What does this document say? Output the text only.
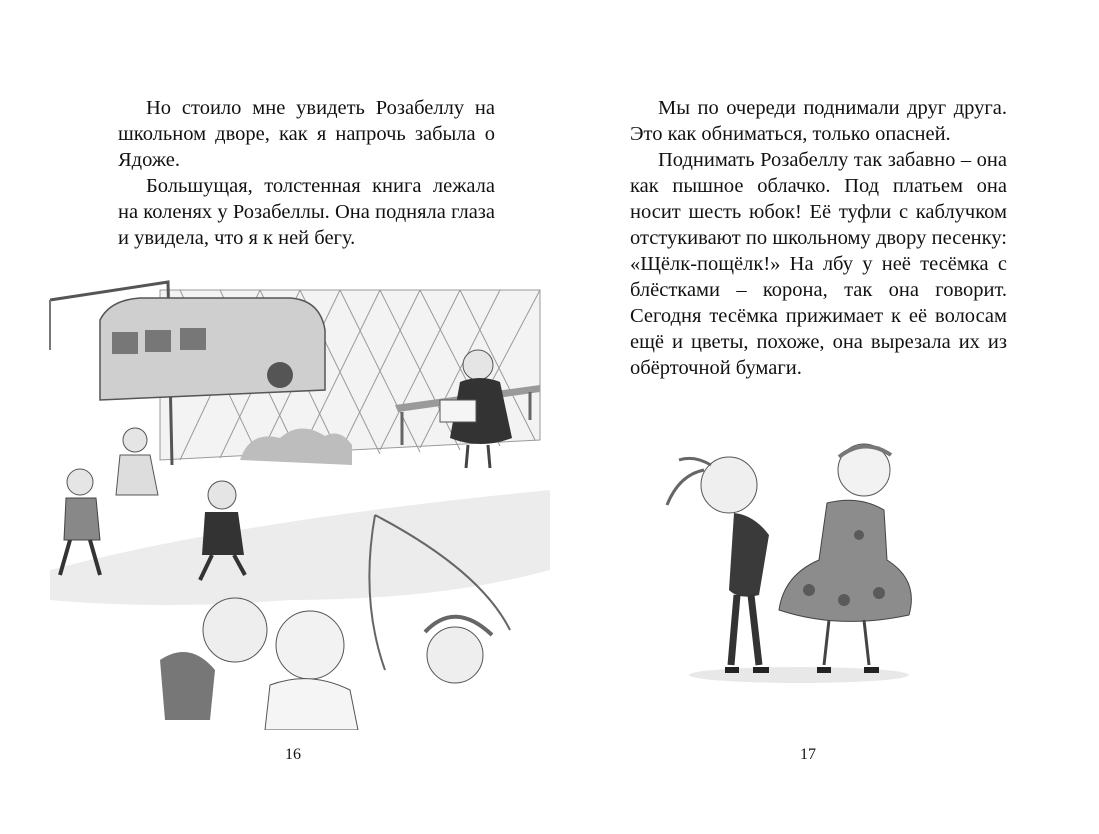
Но стоило мне увидеть Розабеллу на школьном дворе, как я напрочь забыла о Ядоже.

Большущая, толстенная книга лежала на коленях у Розабеллы. Она подняла глаза и увидела, что я к ней бегу.

16

Мы по очереди поднимали друг друга. Это как обниматься, только опасней.

Поднимать Розабеллу так забавно – она как пышное облачко. Под платьем она носит шесть юбок! Её туфли с каблучком отстукивают по школьному двору песенку: «Щёлк-пощёлк!» На лбу у неё тесёмка с блёстками – корона, так она говорит. Сегодня тесёмка прижимает к её волосам ещё и цветы, похоже, она вырезала их из обёрточной бумаги.

17
